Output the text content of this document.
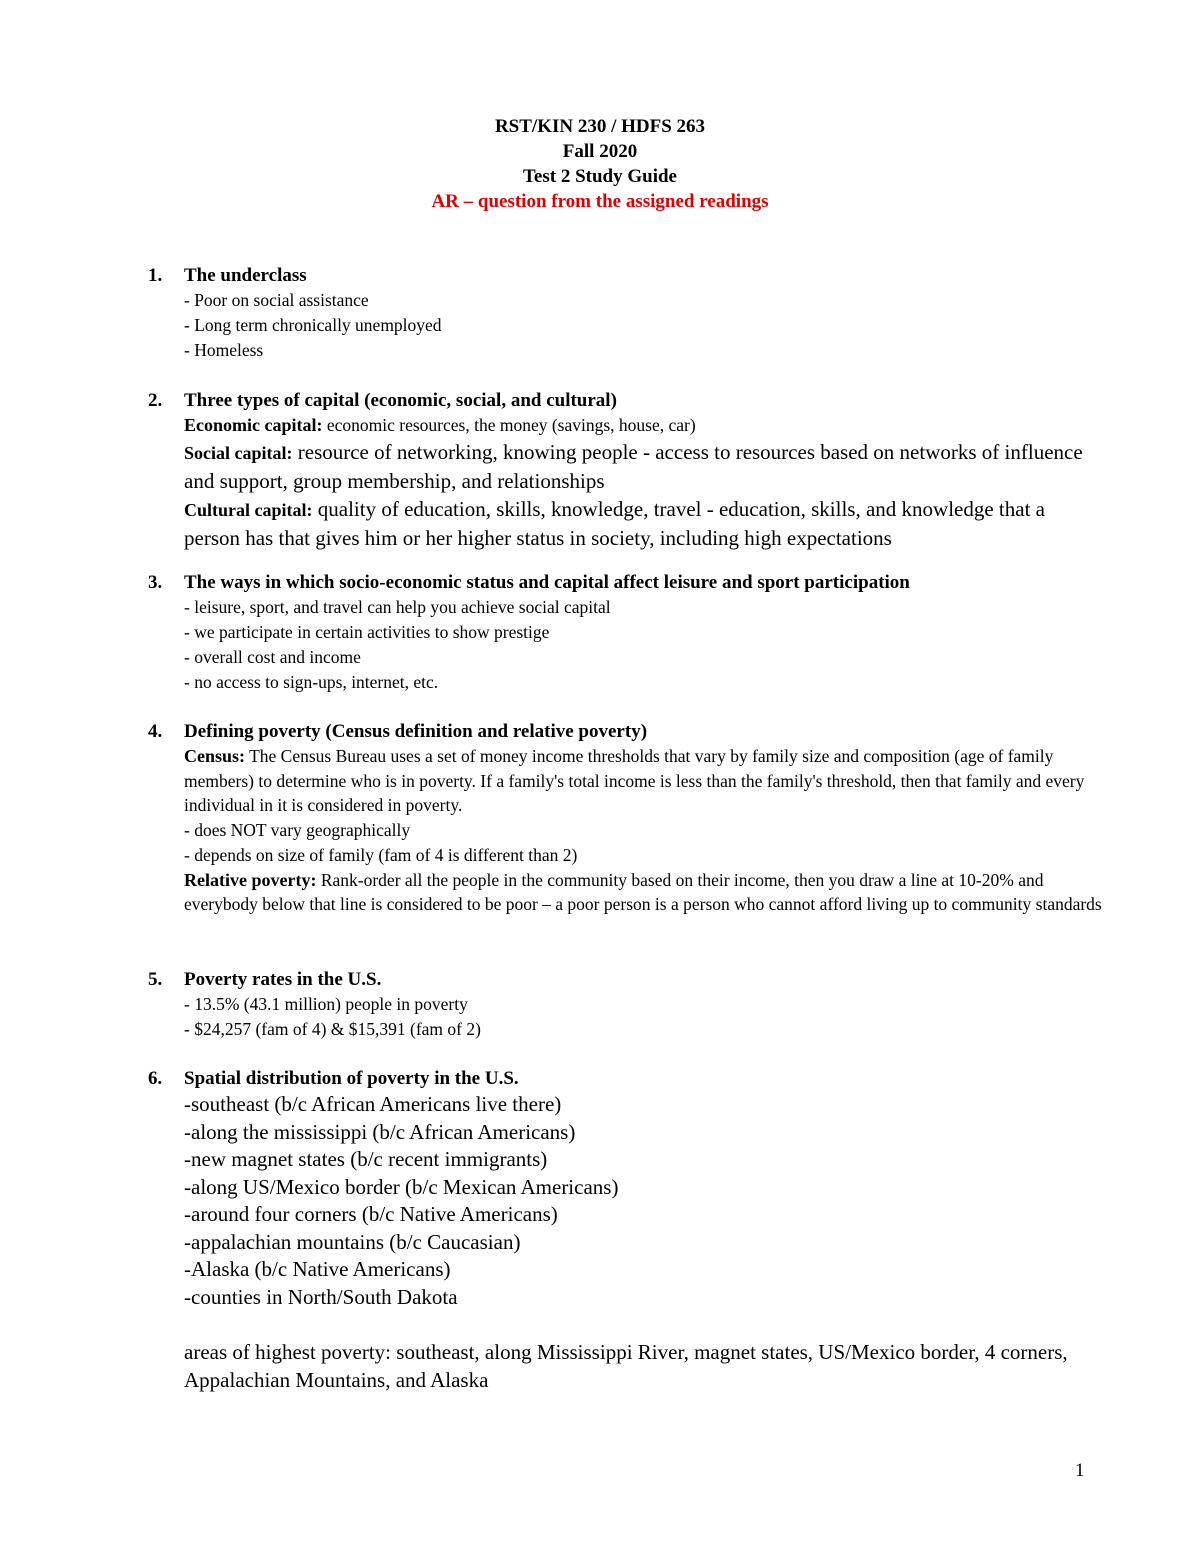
RST/KIN 230 / HDFS 263
Fall 2020
Test 2 Study Guide
AR – question from the assigned readings
1. The underclass
- Poor on social assistance
- Long term chronically unemployed
- Homeless
2. Three types of capital (economic, social, and cultural)
Economic capital: economic resources, the money (savings, house, car)
Social capital: resource of networking, knowing people - access to resources based on networks of influence and support, group membership, and relationships
Cultural capital: quality of education, skills, knowledge, travel - education, skills, and knowledge that a person has that gives him or her higher status in society, including high expectations
3. The ways in which socio-economic status and capital affect leisure and sport participation
- leisure, sport, and travel can help you achieve social capital
- we participate in certain activities to show prestige
- overall cost and income
- no access to sign-ups, internet, etc.
4. Defining poverty (Census definition and relative poverty)
Census: The Census Bureau uses a set of money income thresholds that vary by family size and composition (age of family members) to determine who is in poverty. If a family's total income is less than the family's threshold, then that family and every individual in it is considered in poverty.
- does NOT vary geographically
- depends on size of family (fam of 4 is different than 2)
Relative poverty: Rank-order all the people in the community based on their income, then you draw a line at 10-20% and everybody below that line is considered to be poor – a poor person is a person who cannot afford living up to community standards
5. Poverty rates in the U.S.
- 13.5% (43.1 million) people in poverty
- $24,257 (fam of 4) & $15,391 (fam of 2)
6. Spatial distribution of poverty in the U.S.
-southeast (b/c African Americans live there)
-along the mississippi (b/c African Americans)
-new magnet states (b/c recent immigrants)
-along US/Mexico border (b/c Mexican Americans)
-around four corners (b/c Native Americans)
-appalachian mountains (b/c Caucasian)
-Alaska (b/c Native Americans)
-counties in North/South Dakota
areas of highest poverty: southeast, along Mississippi River, magnet states, US/Mexico border, 4 corners, Appalachian Mountains, and Alaska
1
